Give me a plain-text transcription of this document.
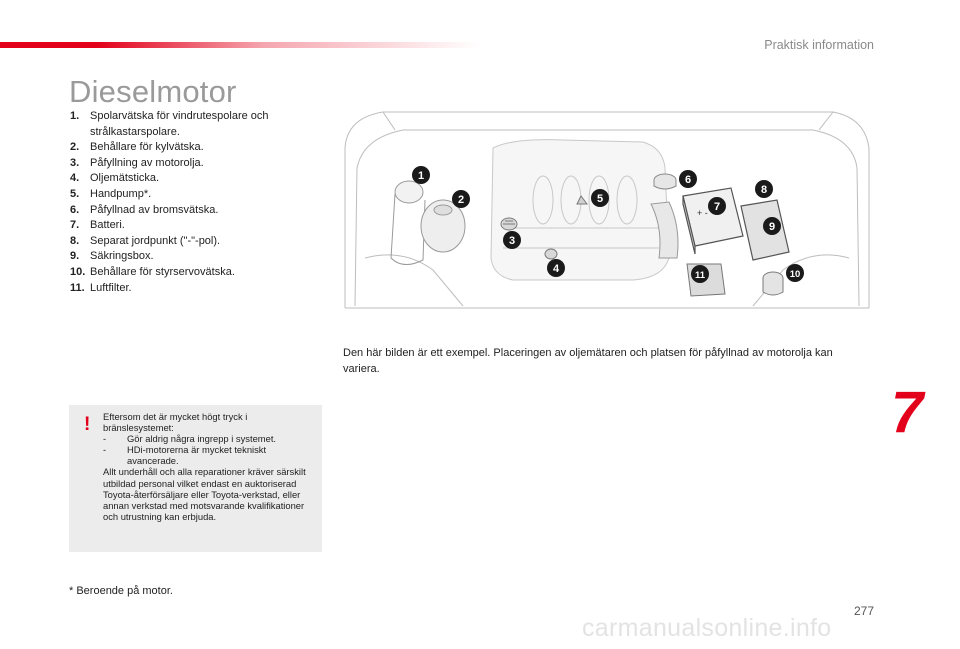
Praktisk information
Dieselmotor
1. Spolarvätska för vindrutespolare och strålkastarspolare.
2. Behållare för kylvätska.
3. Påfyllning av motorolja.
4. Oljemätsticka.
5. Handpump*.
6. Påfyllnad av bromsvätska.
7. Batteri.
8. Separat jordpunkt ("-"-pol).
9. Säkringsbox.
10. Behållare för styrservovätska.
11. Luftfilter.
+ -
1
2
3
4
5
6
7
8
9
10
11
Den här bilden är ett exempel. Placeringen av oljemätaren och platsen för påfyllnad av motorolja kan variera.
! Eftersom det är mycket högt tryck i bränslesystemet:
- Gör aldrig några ingrepp i systemet.
- HDi-motorerna är mycket tekniskt avancerade.
Allt underhåll och alla reparationer kräver särskilt utbildad personal vilket endast en auktoriserad Toyota-återförsäljare eller Toyota-verkstad, eller annan verkstad med motsvarande kvalifikationer och utrustning kan erbjuda.
* Beroende på motor.
7
277
carmanualsonline.info
